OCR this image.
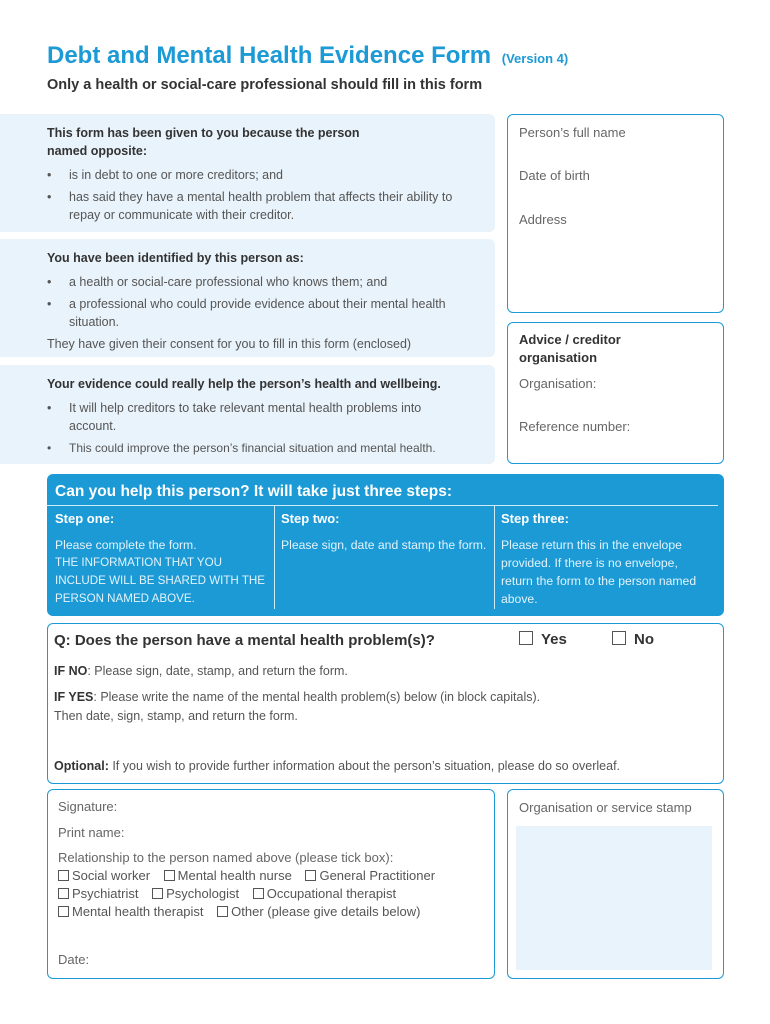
Debt and Mental Health Evidence Form (Version 4)
Only a health or social-care professional should fill in this form
This form has been given to you because the person
named opposite:
• is in debt to one or more creditors; and
• has said they have a mental health problem that affects their ability to repay or communicate with their creditor.
You have been identified by this person as:
• a health or social-care professional who knows them; and
• a professional who could provide evidence about their mental health situation.
They have given their consent for you to fill in this form (enclosed)
Your evidence could really help the person’s health and wellbeing.
• It will help creditors to take relevant mental health problems into account.
• This could improve the person’s financial situation and mental health.
Person’s full name
Date of birth
Address
Advice / creditor
organisation
Organisation:
Reference number:
Can you help this person? It will take just three steps:
Step one:
Please complete the form.
THE INFORMATION THAT YOU INCLUDE WILL BE SHARED WITH THE PERSON NAMED ABOVE.
Step two:
Please sign, date and stamp the form.
Step three:
Please return this in the envelope provided. If there is no envelope, return the form to the person named above.
Q: Does the person have a mental health problem(s)?	Yes	No
IF NO: Please sign, date, stamp, and return the form.
IF YES: Please write the name of the mental health problem(s) below (in block capitals).
Then date, sign, stamp, and return the form.
Optional: If you wish to provide further information about the person’s situation, please do so overleaf.
Signature:
Print name:
Relationship to the person named above (please tick box):
Social worker Mental health nurse General Practitioner
Psychiatrist Psychologist Occupational therapist
Mental health therapist Other (please give details below)
Date:
Organisation or service stamp
